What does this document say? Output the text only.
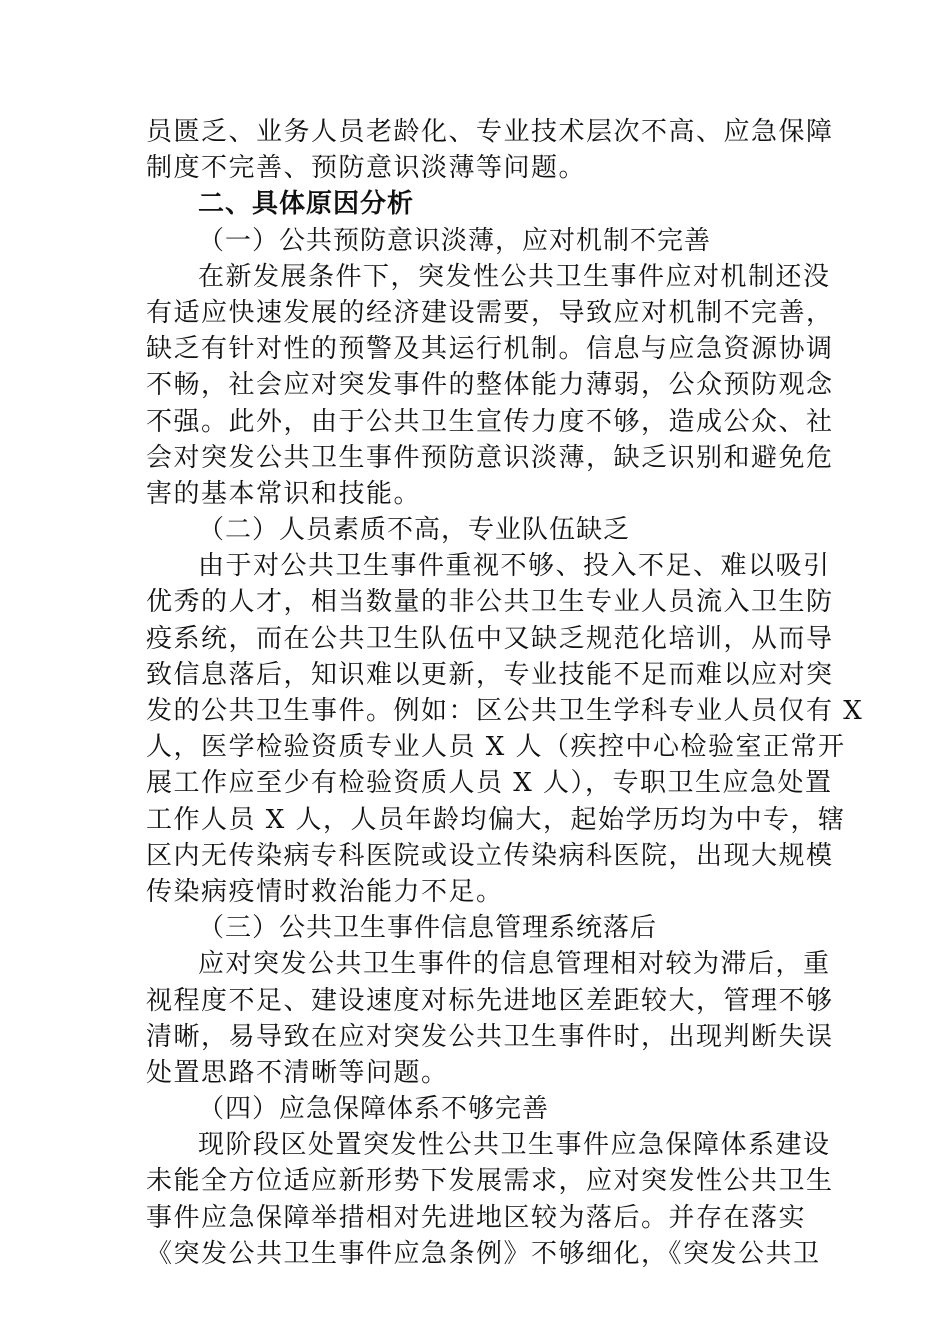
员匮乏、业务人员老龄化、专业技术层次不高、应急保障
制度不完善、预防意识淡薄等问题。
二、具体原因分析
（一）公共预防意识淡薄，应对机制不完善
在新发展条件下，突发性公共卫生事件应对机制还没
有适应快速发展的经济建设需要，导致应对机制不完善，
缺乏有针对性的预警及其运行机制。信息与应急资源协调
不畅，社会应对突发事件的整体能力薄弱，公众预防观念
不强。此外，由于公共卫生宣传力度不够，造成公众、社
会对突发公共卫生事件预防意识淡薄，缺乏识别和避免危
害的基本常识和技能。
（二）人员素质不高，专业队伍缺乏
由于对公共卫生事件重视不够、投入不足、难以吸引
优秀的人才，相当数量的非公共卫生专业人员流入卫生防
疫系统，而在公共卫生队伍中又缺乏规范化培训，从而导
致信息落后，知识难以更新，专业技能不足而难以应对突
发的公共卫生事件。例如：区公共卫生学科专业人员仅有 X
人，医学检验资质专业人员 X 人（疾控中心检验室正常开
展工作应至少有检验资质人员 X 人），专职卫生应急处置
工作人员 X 人，人员年龄均偏大，起始学历均为中专，辖
区内无传染病专科医院或设立传染病科医院，出现大规模
传染病疫情时救治能力不足。
（三）公共卫生事件信息管理系统落后
应对突发公共卫生事件的信息管理相对较为滞后，重
视程度不足、建设速度对标先进地区差距较大，管理不够
清晰，易导致在应对突发公共卫生事件时，出现判断失误
处置思路不清晰等问题。
（四）应急保障体系不够完善
现阶段区处置突发性公共卫生事件应急保障体系建设
未能全方位适应新形势下发展需求，应对突发性公共卫生
事件应急保障举措相对先进地区较为落后。并存在落实
《突发公共卫生事件应急条例》不够细化，《突发公共卫
